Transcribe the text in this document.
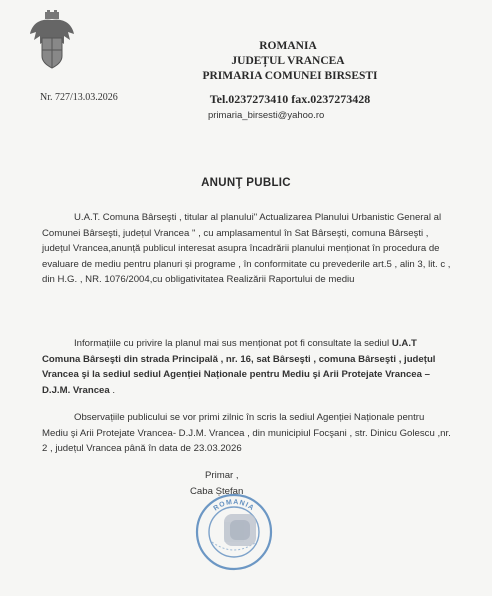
Nr. 727/13.03.2026
ROMANIA
JUDEȚUL VRANCEA
PRIMARIA COMUNEI BIRSESTI
Tel.0237273410 fax.0237273428
primaria_birsesti@yahoo.ro
ANUNŢ PUBLIC
U.A.T. Comuna Bârseşti , titular al planului" Actualizarea Planului Urbanistic General al Comunei Bârseşti, județul Vrancea " , cu amplasamentul în Sat Bârseşti, comuna Bârseşti , județul Vrancea,anunță publicul interesat asupra încadrării planului menționat în procedura de evaluare de mediu pentru planuri și programe , în conformitate cu prevederile art.5 , alin 3, lit. c , din H.G. , NR. 1076/2004,cu obligativitatea Realizării Raportului de mediu
Informațiile cu privire la planul mai sus menționat pot fi consultate la sediul U.A.T Comuna Bârseşti din strada Principală , nr. 16, sat Bârseşti , comuna Bârseşti , județul Vrancea şi la sediul sediul Agenției Naționale pentru Mediu şi Arii Protejate Vrancea – D.J.M. Vrancea .
Observațiile publicului se vor primi zilnic în scris la sediul Agenției Naționale pentru Mediu şi Arii Protejate Vrancea- D.J.M. Vrancea , din municipiul Focşani , str. Dinicu Golescu ,nr. 2 , județul Vrancea până în data de 23.03.2026
Primar ,
Caba Ștefan
ROMANIA
